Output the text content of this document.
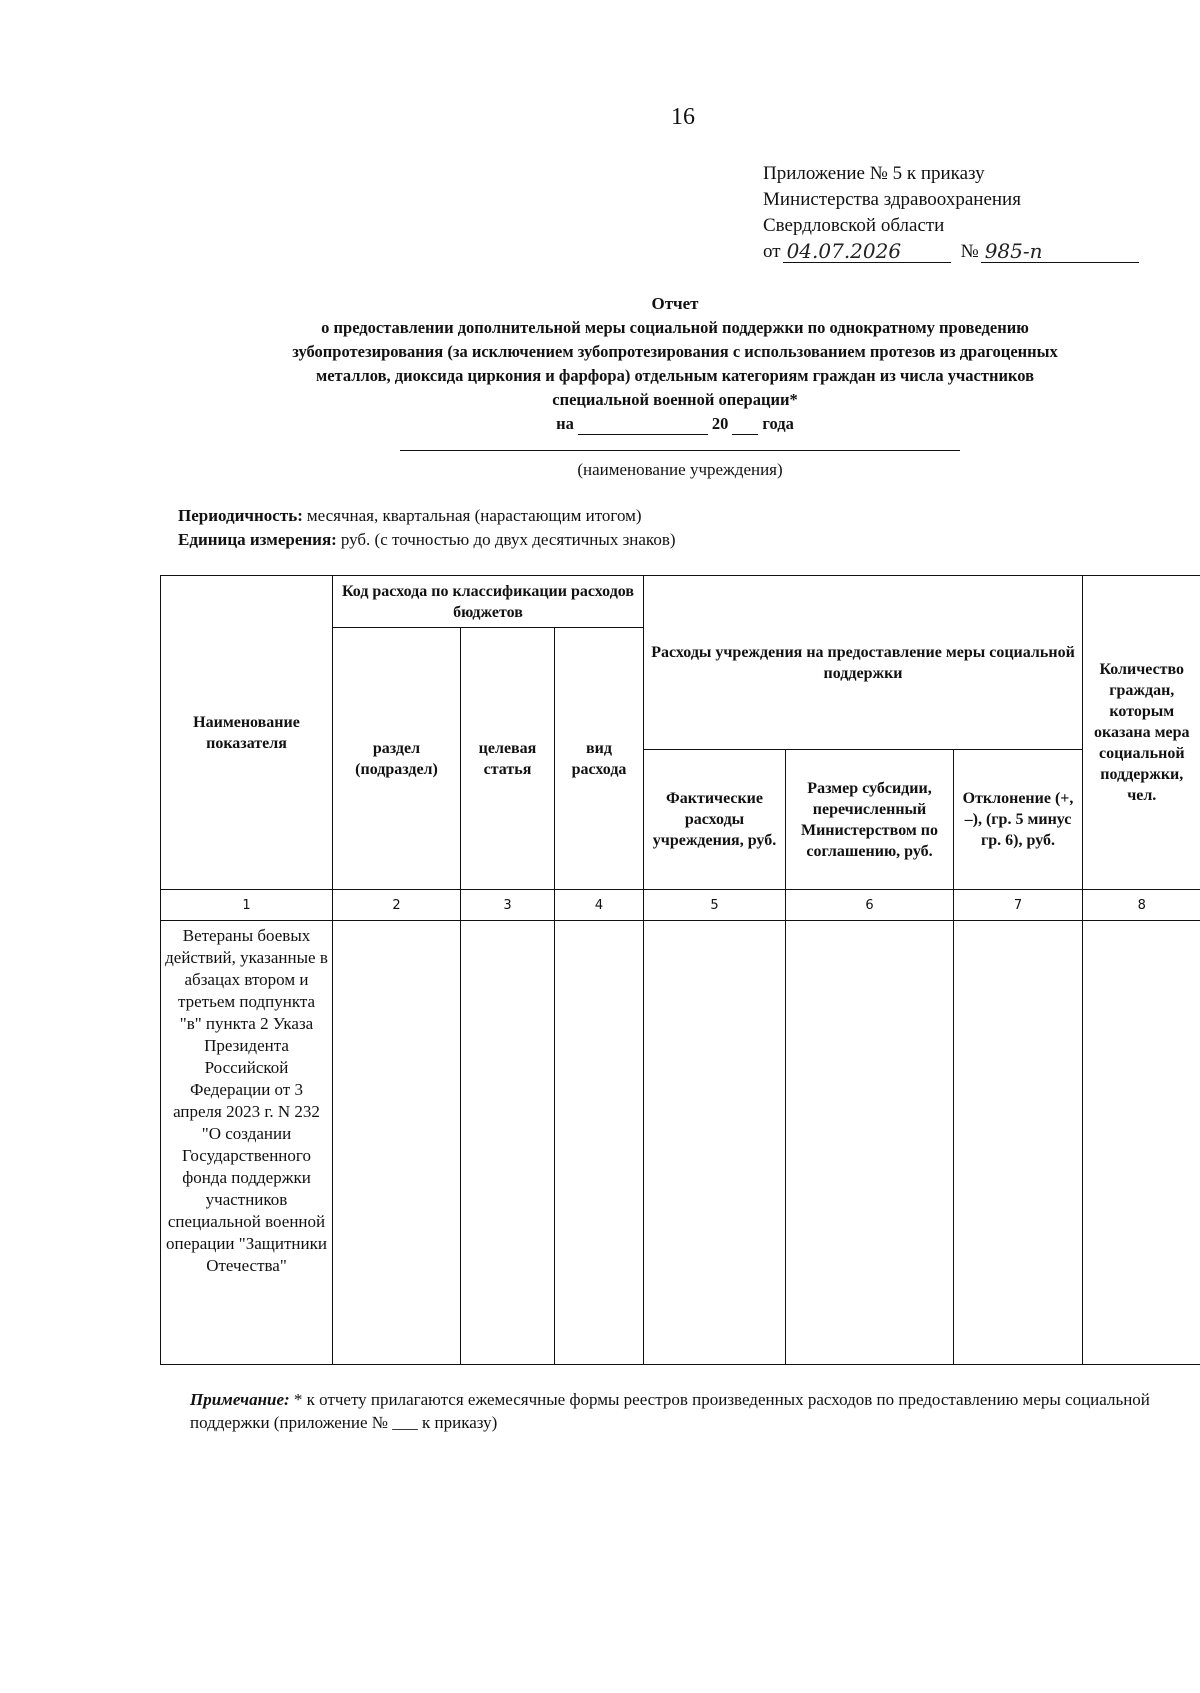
16
Приложение № 5 к приказу
Министерства здравоохранения
Свердловской области
от 04.07.2026	№ 985-п
Отчет
о предоставлении дополнительной меры социальной поддержки по однократному проведению
зубопротезирования (за исключением зубопротезирования с использованием протезов из драгоценных
металлов, диоксида циркония и фарфора) отдельным категориям граждан из числа участников
специальной военной операции*
на	20 года
(наименование учреждения)
Периодичность: месячная, квартальная (нарастающим итогом)
Единица измерения: руб. (с точностью до двух десятичных знаков)
Наименование показателя	Код расхода по классификации расходов бюджетов			Расходы учреждения на предоставление меры социальной поддержки			Количество граждан, которым оказана мера социальной поддержки, чел.
	раздел (подраздел)	целевая статья	вид расхода				
				Фактические расходы учреждения, руб.	Размер субсидии, перечисленный Министерством по соглашению, руб.	Отклонение (+, –), (гр. 5 минус гр. 6), руб.	
1	2	3	4	5	6	7	8
Ветераны боевых действий, указанные в абзацах втором и третьем подпункта "в" пункта 2 Указа Президента Российской Федерации от 3 апреля 2023 г. N 232 "О создании Государственного фонда поддержки участников специальной военной операции "Защитники Отечества"							
Примечание: * к отчету прилагаются ежемесячные формы реестров произведенных расходов по предоставлению меры социальной поддержки (приложение № ___ к приказу)
